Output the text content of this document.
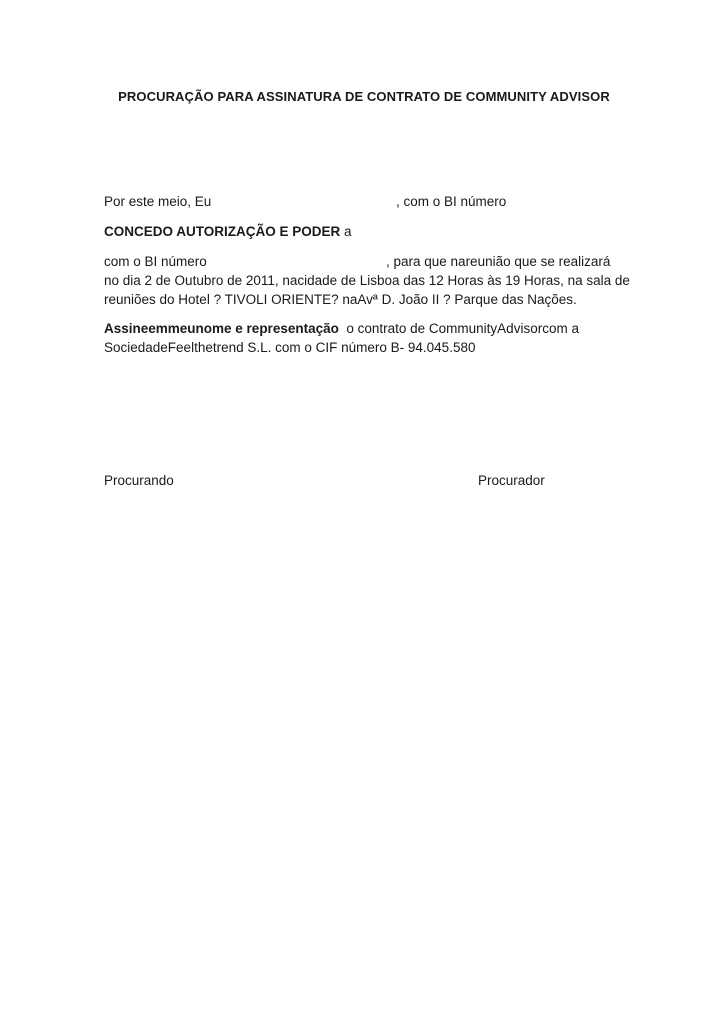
PROCURAÇÃO PARA ASSINATURA DE CONTRATO DE COMMUNITY ADVISOR
Por este meio, Eu	, com o BI número
CONCEDO AUTORIZAÇÃO E PODER a
com o BI número	, para que nareunião que se realizará
no dia 2 de Outubro de 2011, nacidade de Lisboa das 12 Horas às 19 Horas, na sala de
reuniões do Hotel ? TIVOLI ORIENTE? naAvª D. João II ? Parque das Nações.
Assineemmeunome e representação  o contrato de CommunityAdvisorcom a
SociedadeFeelthetrend S.L. com o CIF número B- 94.045.580
Procurando	Procurador
